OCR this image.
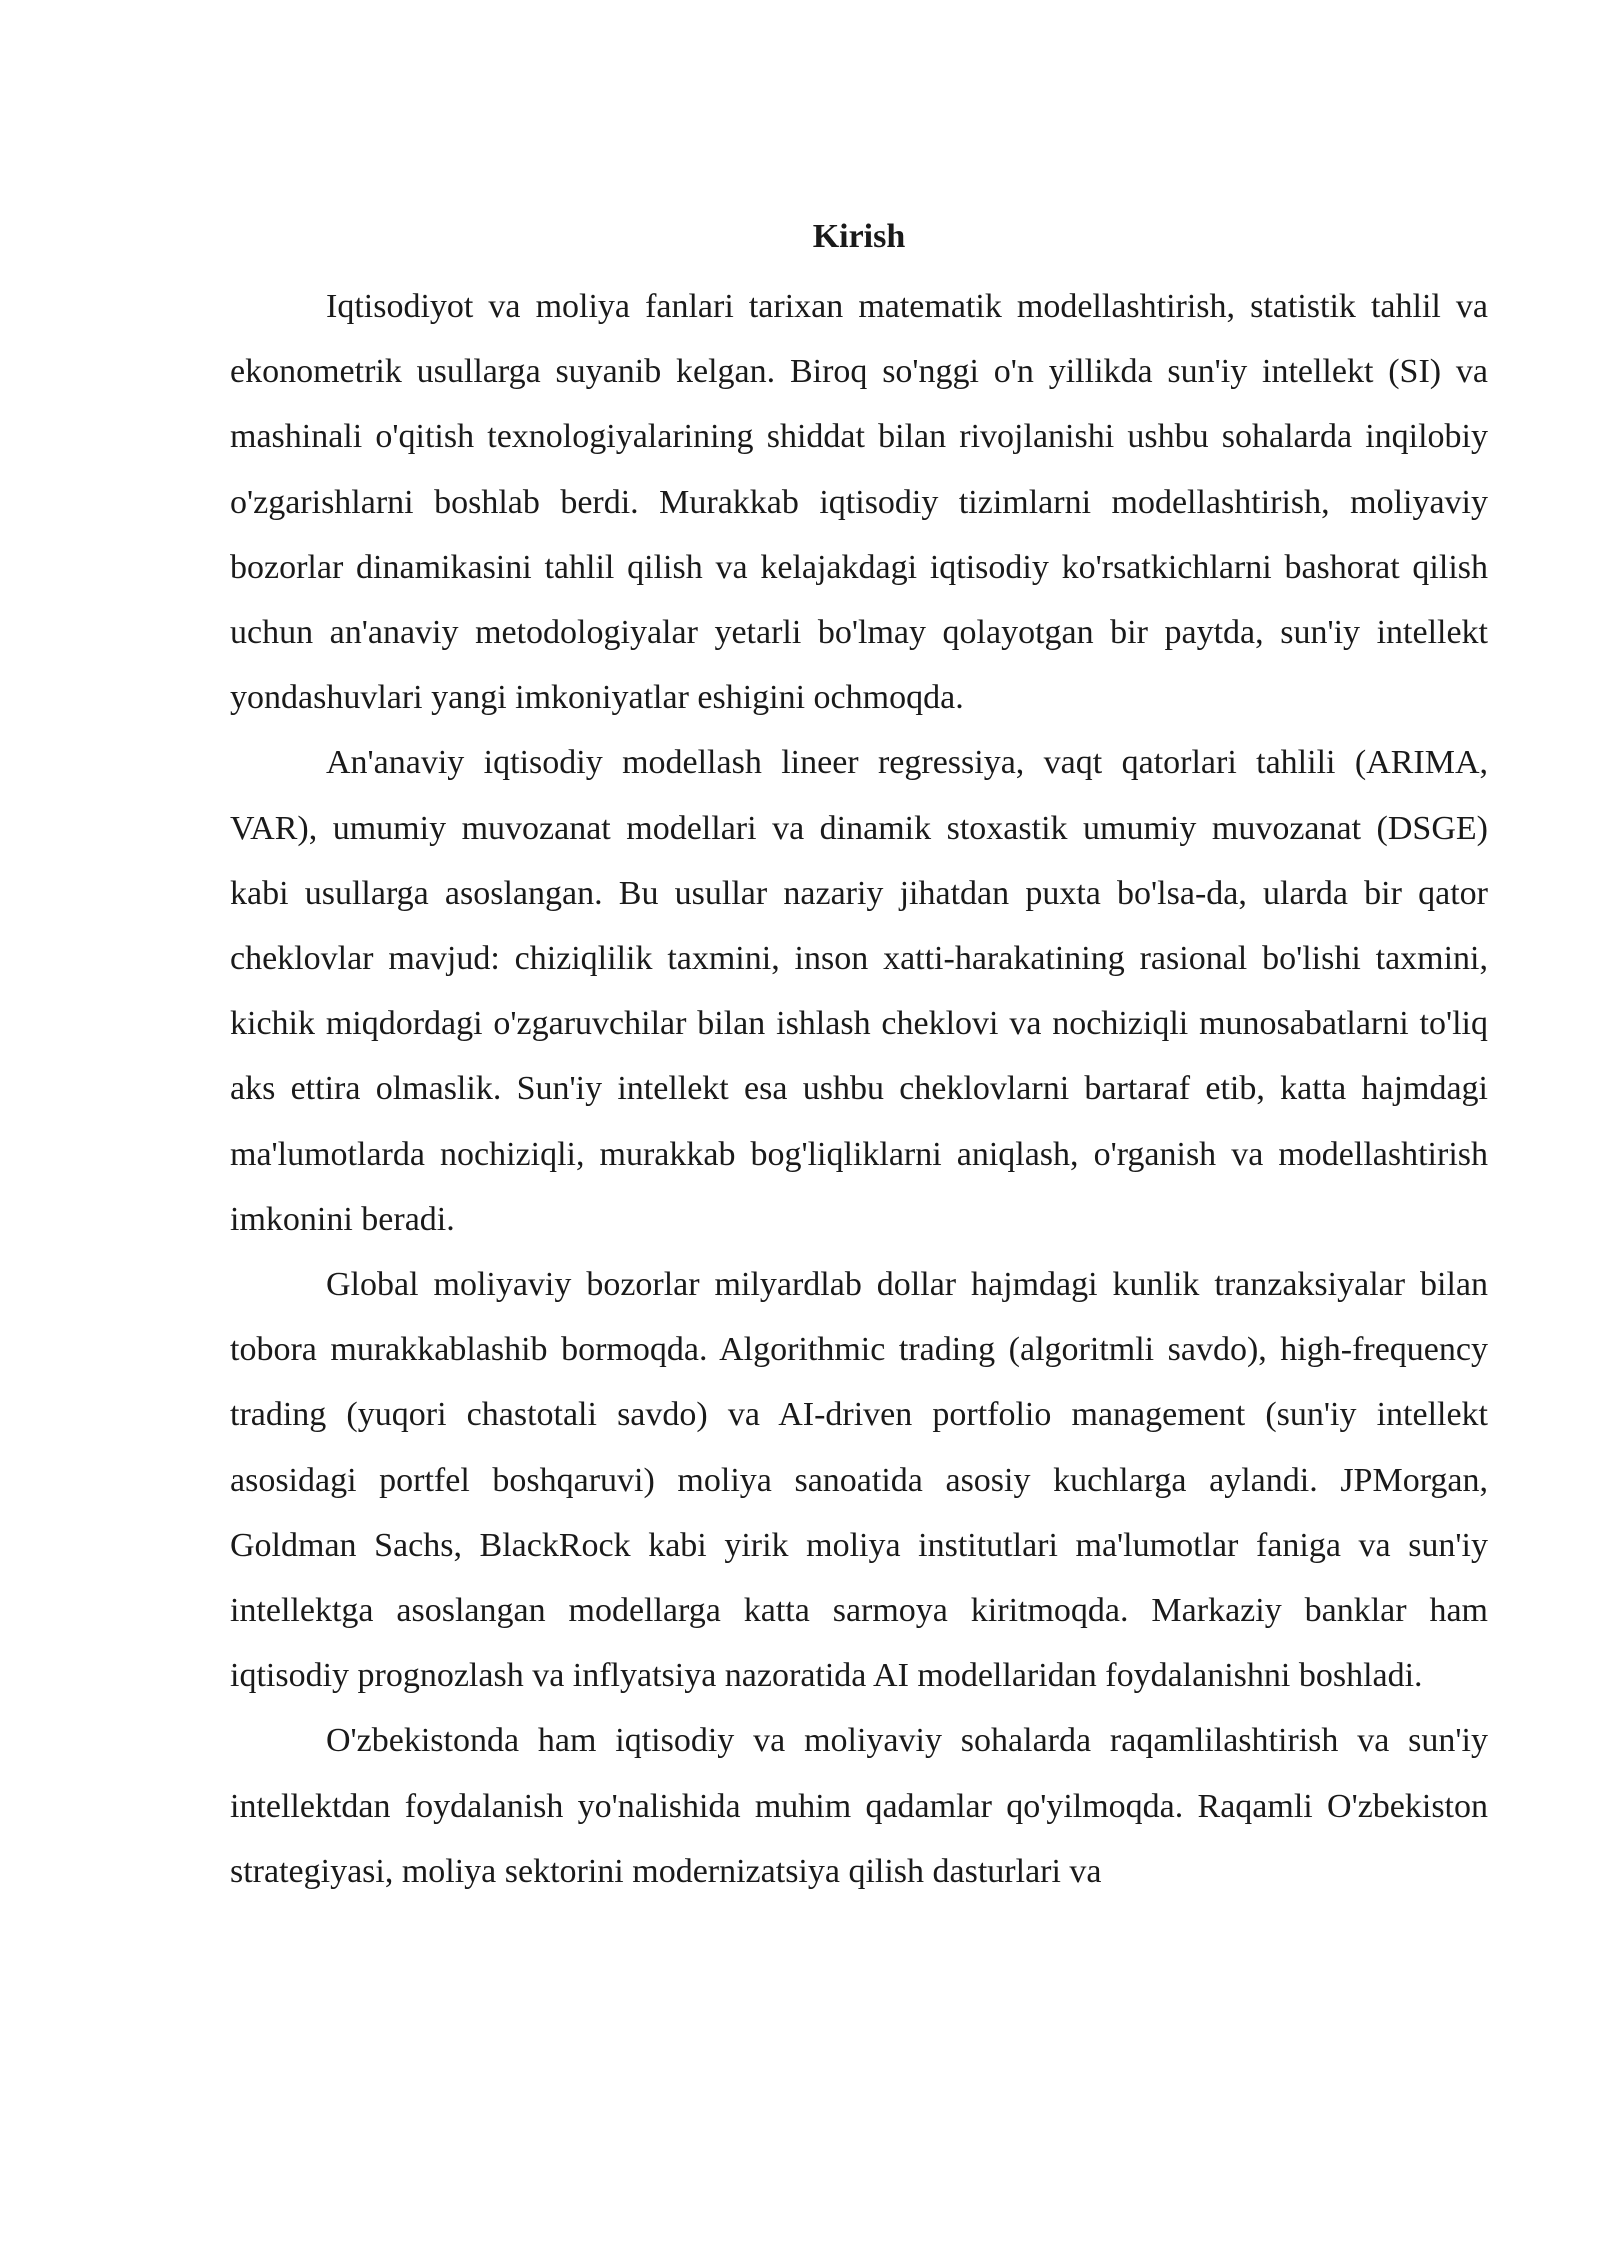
Kirish

Iqtisodiyot va moliya fanlari tarixan matematik modellashtirish, statistik tahlil va ekonometrik usullarga suyanib kelgan. Biroq so'nggi o'n yillikda sun'iy intellekt (SI) va mashinali o'qitish texnologiyalarining shiddat bilan rivojlanishi ushbu sohalarda inqilobiy o'zgarishlarni boshlab berdi. Murakkab iqtisodiy tizimlarni modellashtirish, moliyaviy bozorlar dinamikasini tahlil qilish va kelajakdagi iqtisodiy ko'rsatkichlarni bashorat qilish uchun an'anaviy metodologiyalar yetarli bo'lmay qolayotgan bir paytda, sun'iy intellekt yondashuvlari yangi imkoniyatlar eshigini ochmoqda.

An'anaviy iqtisodiy modellash lineer regressiya, vaqt qatorlari tahlili (ARIMA, VAR), umumiy muvozanat modellari va dinamik stoxastik umumiy muvozanat (DSGE) kabi usullarga asoslangan. Bu usullar nazariy jihatdan puxta bo'lsa-da, ularda bir qator cheklovlar mavjud: chiziqlilik taxmini, inson xatti-harakatining rasional bo'lishi taxmini, kichik miqdordagi o'zgaruvchilar bilan ishlash cheklovi va nochiziqli munosabatlarni to'liq aks ettira olmaslik. Sun'iy intellekt esa ushbu cheklovlarni bartaraf etib, katta hajmdagi ma'lumotlarda nochiziqli, murakkab bog'liqliklarni aniqlash, o'rganish va modellashtirish imkonini beradi.

Global moliyaviy bozorlar milyardlab dollar hajmdagi kunlik tranzaksiyalar bilan tobora murakkablashib bormoqda. Algorithmic trading (algoritmli savdo), high-frequency trading (yuqori chastotali savdo) va AI-driven portfolio management (sun'iy intellekt asosidagi portfel boshqaruvi) moliya sanoatida asosiy kuchlarga aylandi. JPMorgan, Goldman Sachs, BlackRock kabi yirik moliya institutlari ma'lumotlar faniga va sun'iy intellektga asoslangan modellarga katta sarmoya kiritmoqda. Markaziy banklar ham iqtisodiy prognozlash va inflyatsiya nazoratida AI modellaridan foydalanishni boshladi.

O'zbekistonda ham iqtisodiy va moliyaviy sohalarda raqamlilashtirish va sun'iy intellektdan foydalanish yo'nalishida muhim qadamlar qo'yilmoqda. Raqamli O'zbekiston strategiyasi, moliya sektorini modernizatsiya qilish dasturlari va
